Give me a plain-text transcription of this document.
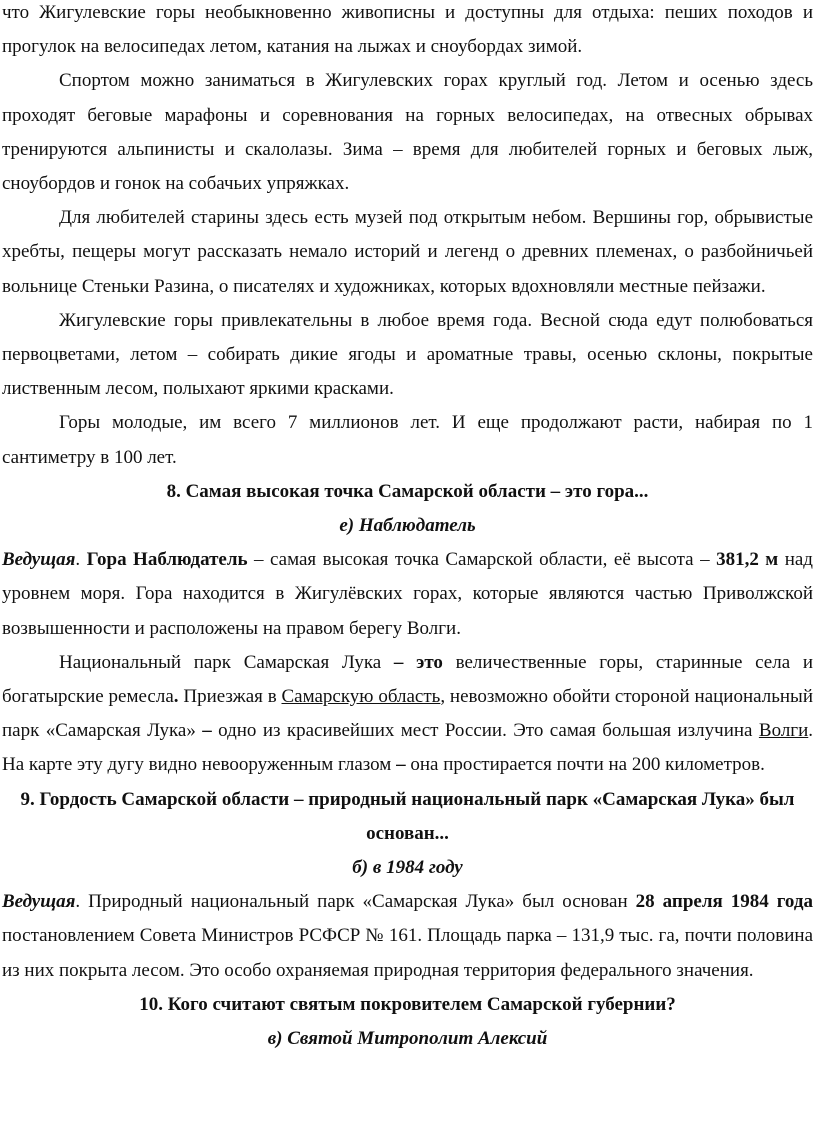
что Жигулевские горы необыкновенно живописны и доступны для отдыха: пеших походов и прогулок на велосипедах летом, катания на лыжах и сноубордах зимой.

Спортом можно заниматься в Жигулевских горах круглый год. Летом и осенью здесь проходят беговые марафоны и соревнования на горных велосипедах, на отвесных обрывах тренируются альпинисты и скалолазы. Зима – время для любителей горных и беговых лыж, сноубордов и гонок на собачьих упряжках.

Для любителей старины здесь есть музей под открытым небом. Вершины гор, обрывистые хребты, пещеры могут рассказать немало историй и легенд о древних племенах, о разбойничьей вольнице Стеньки Разина, о писателях и художниках, которых вдохновляли местные пейзажи.

Жигулевские горы привлекательны в любое время года. Весной сюда едут полюбоваться первоцветами, летом – собирать дикие ягоды и ароматные травы, осенью склоны, покрытые лиственным лесом, полыхают яркими красками.

Горы молодые, им всего 7 миллионов лет. И еще продолжают расти, набирая по 1 сантиметру в 100 лет.

8. Самая высокая точка Самарской области – это гора...

е) Наблюдатель

Ведущая. Гора Наблюдатель – самая высокая точка Самарской области, её высота – 381,2 м над уровнем моря. Гора находится в Жигулёвских горах, которые являются частью Приволжской возвышенности и расположены на правом берегу Волги.

Национальный парк Самарская Лука – это величественные горы, старинные села и богатырские ремесла. Приезжая в Самарскую область, невозможно обойти стороной национальный парк «Самарская Лука» – одно из красивейших мест России. Это самая большая излучина Волги. На карте эту дугу видно невооруженным глазом – она простирается почти на 200 километров.

9. Гордость Самарской области – природный национальный парк «Самарская Лука» был основан...

б) в 1984 году

Ведущая. Природный национальный парк «Самарская Лука» был основан 28 апреля 1984 года постановлением Совета Министров РСФСР № 161. Площадь парка – 131,9 тыс. га, почти половина из них покрыта лесом. Это особо охраняемая природная территория федерального значения.

10. Кого считают святым покровителем Самарской губернии?

в) Святой Митрополит Алексий
